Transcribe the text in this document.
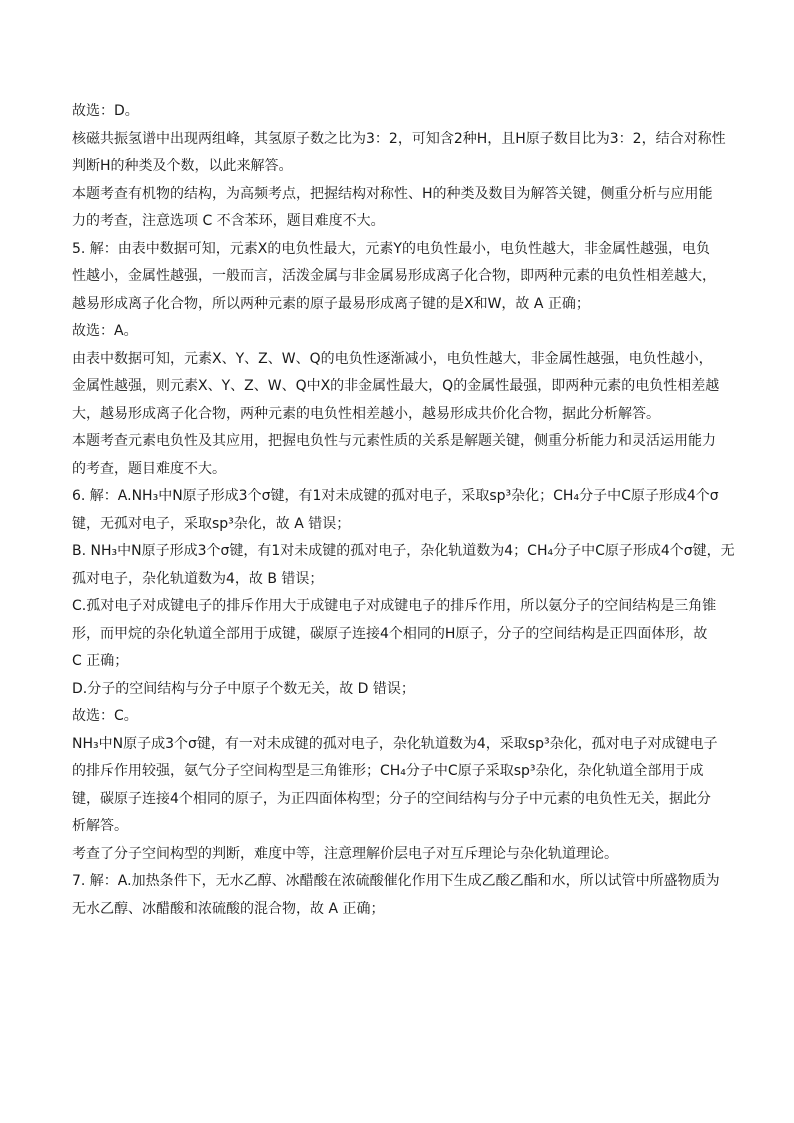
故选：D。

核磁共振氢谱中出现两组峰，其氢原子数之比为3：2，可知含2种H，且H原子数目比为3：2，结合对称性
判断H的种类及个数，以此来解答。

本题考查有机物的结构，为高频考点，把握结构对称性、H的种类及数目为解答关键，侧重分析与应用能
力的考查，注意选项 C 不含苯环，题目难度不大。

5. 解：由表中数据可知，元素X的电负性最大，元素Y的电负性最小，电负性越大，非金属性越强，电负
性越小，金属性越强，一般而言，活泼金属与非金属易形成离子化合物，即两种元素的电负性相差越大，
越易形成离子化合物，所以两种元素的原子最易形成离子键的是X和W，故 A 正确；

故选：A。

由表中数据可知，元素X、Y、Z、W、Q的电负性逐渐减小，电负性越大，非金属性越强，电负性越小，
金属性越强，则元素X、Y、Z、W、Q中X的非金属性最大，Q的金属性最强，即两种元素的电负性相差越
大，越易形成离子化合物，两种元素的电负性相差越小，越易形成共价化合物，据此分析解答。

本题考查元素电负性及其应用，把握电负性与元素性质的关系是解题关键，侧重分析能力和灵活运用能力
的考查，题目难度不大。

6. 解：A.NH₃中N原子形成3个σ键，有1对未成键的孤对电子，采取sp³杂化；CH₄分子中C原子形成4个σ
键，无孤对电子，采取sp³杂化，故 A 错误；

B. NH₃中N原子形成3个σ键，有1对未成键的孤对电子，杂化轨道数为4；CH₄分子中C原子形成4个σ键，无
孤对电子，杂化轨道数为4，故 B 错误；

C.孤对电子对成键电子的排斥作用大于成键电子对成键电子的排斥作用，所以氨分子的空间结构是三角锥
形，而甲烷的杂化轨道全部用于成键，碳原子连接4个相同的H原子，分子的空间结构是正四面体形，故
C 正确；

D.分子的空间结构与分子中原子个数无关，故 D 错误；

故选：C。

NH₃中N原子成3个σ键，有一对未成键的孤对电子，杂化轨道数为4，采取sp³杂化，孤对电子对成键电子
的排斥作用较强，氨气分子空间构型是三角锥形；CH₄分子中C原子采取sp³杂化，杂化轨道全部用于成
键，碳原子连接4个相同的原子，为正四面体构型；分子的空间结构与分子中元素的电负性无关，据此分
析解答。

考查了分子空间构型的判断，难度中等，注意理解价层电子对互斥理论与杂化轨道理论。

7. 解：A.加热条件下，无水乙醇、冰醋酸在浓硫酸催化作用下生成乙酸乙酯和水，所以试管中所盛物质为
无水乙醇、冰醋酸和浓硫酸的混合物，故 A 正确；
